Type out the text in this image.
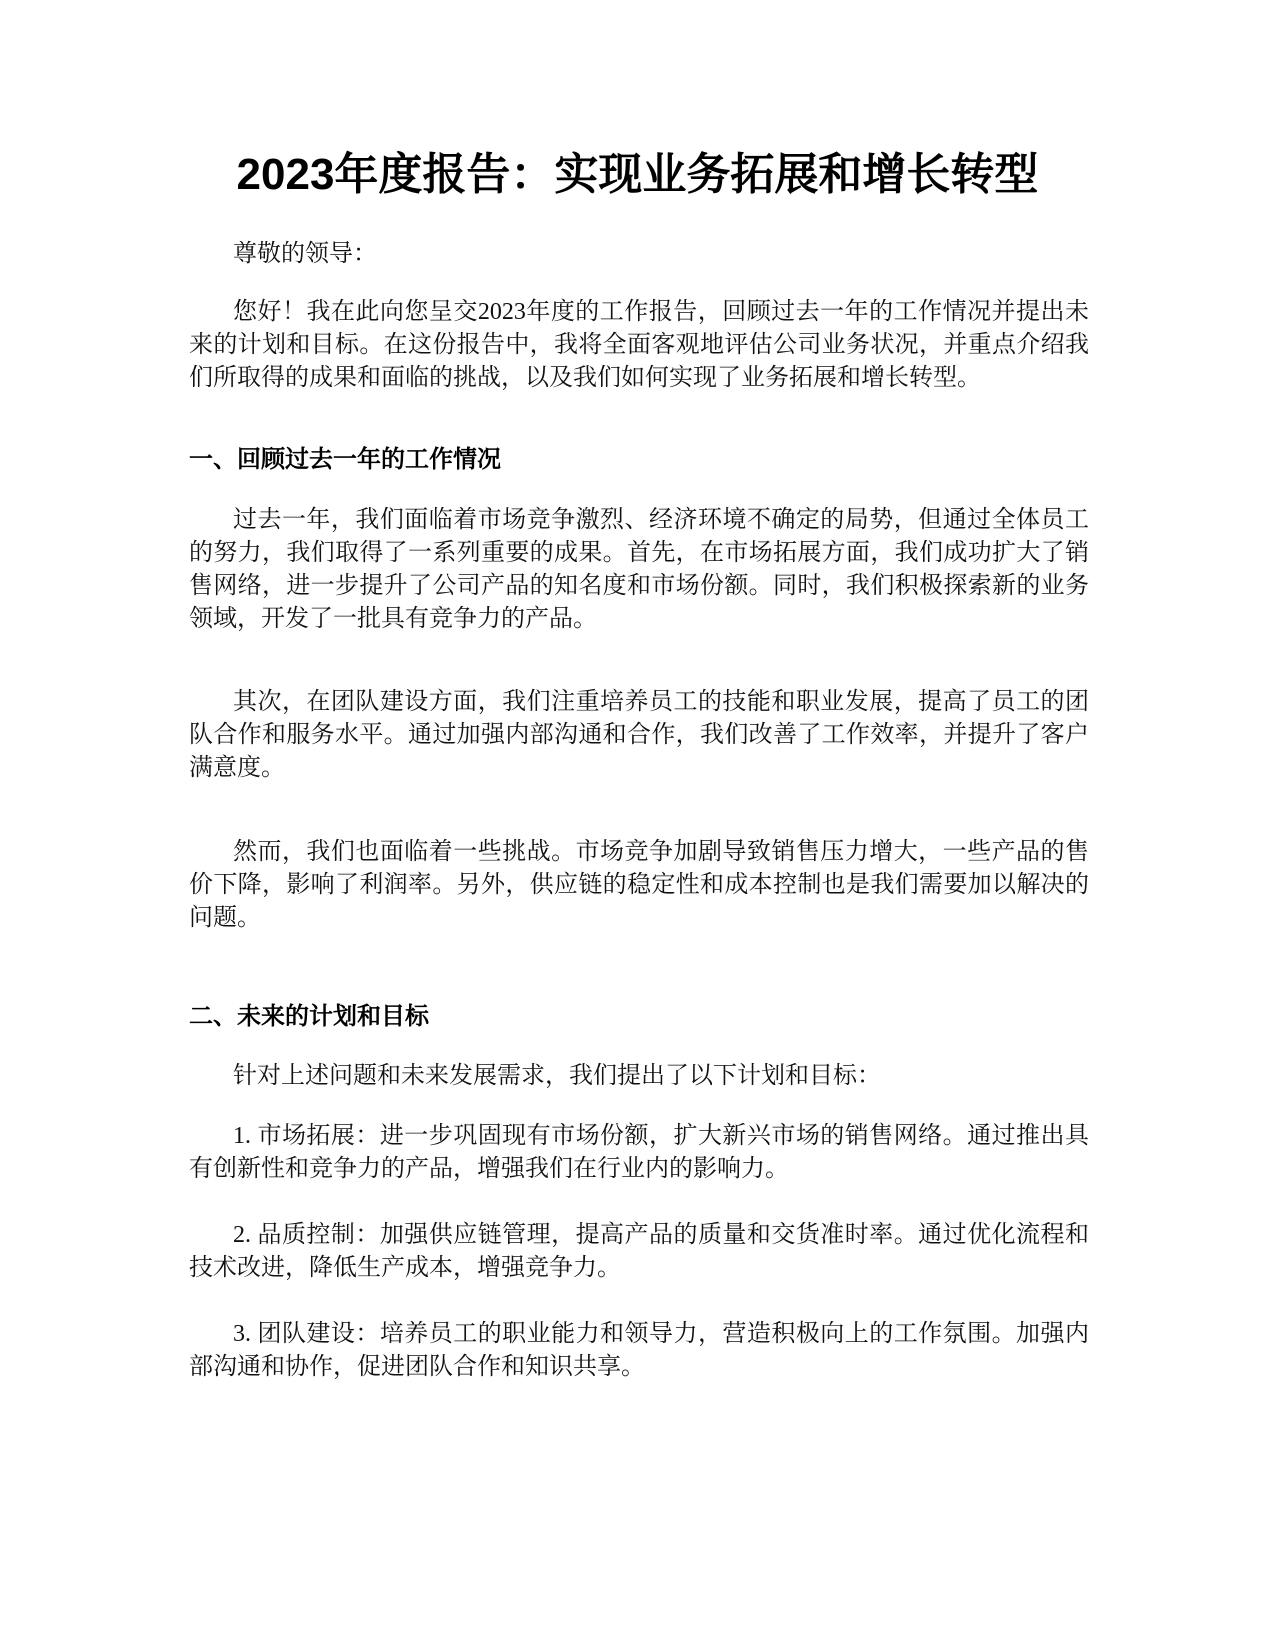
2023年度报告：实现业务拓展和增长转型

尊敬的领导：

您好！我在此向您呈交2023年度的工作报告，回顾过去一年的工作情况并提出未来的计划和目标。在这份报告中，我将全面客观地评估公司业务状况，并重点介绍我们所取得的成果和面临的挑战，以及我们如何实现了业务拓展和增长转型。

一、回顾过去一年的工作情况

过去一年，我们面临着市场竞争激烈、经济环境不确定的局势，但通过全体员工的努力，我们取得了一系列重要的成果。首先，在市场拓展方面，我们成功扩大了销售网络，进一步提升了公司产品的知名度和市场份额。同时，我们积极探索新的业务领域，开发了一批具有竞争力的产品。

其次，在团队建设方面，我们注重培养员工的技能和职业发展，提高了员工的团队合作和服务水平。通过加强内部沟通和合作，我们改善了工作效率，并提升了客户满意度。

然而，我们也面临着一些挑战。市场竞争加剧导致销售压力增大，一些产品的售价下降，影响了利润率。另外，供应链的稳定性和成本控制也是我们需要加以解决的问题。

二、未来的计划和目标

针对上述问题和未来发展需求，我们提出了以下计划和目标：

1. 市场拓展：进一步巩固现有市场份额，扩大新兴市场的销售网络。通过推出具有创新性和竞争力的产品，增强我们在行业内的影响力。

2. 品质控制：加强供应链管理，提高产品的质量和交货准时率。通过优化流程和技术改进，降低生产成本，增强竞争力。

3. 团队建设：培养员工的职业能力和领导力，营造积极向上的工作氛围。加强内部沟通和协作，促进团队合作和知识共享。
